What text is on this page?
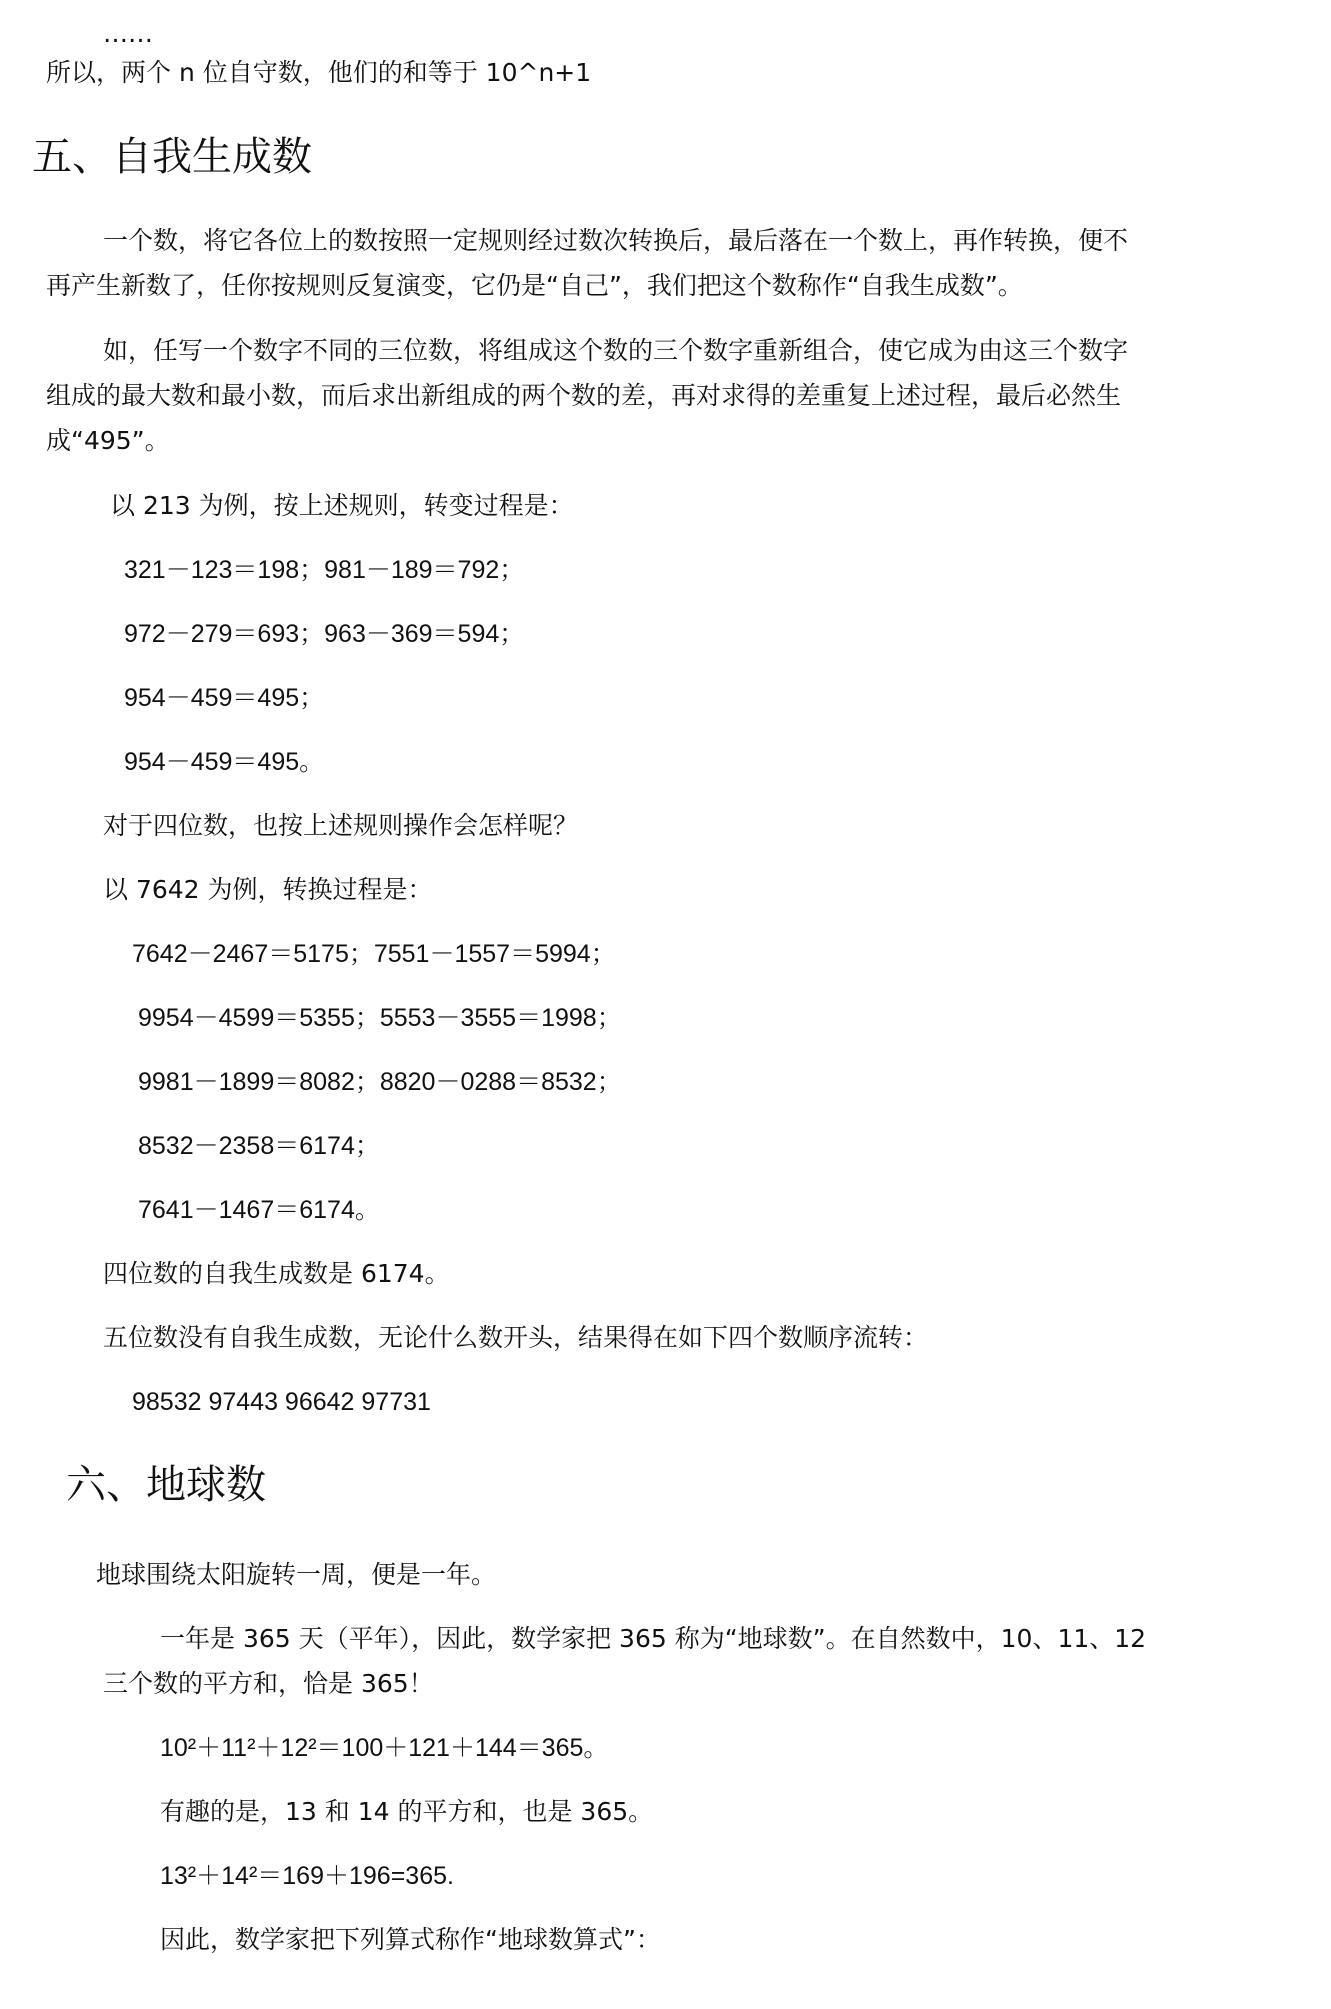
……

所以，两个 n 位自守数，他们的和等于 10^n+1

五、自我生成数

一个数，将它各位上的数按照一定规则经过数次转换后，最后落在一个数上，再作转换，便不

再产生新数了，任你按规则反复演变，它仍是“自己”，我们把这个数称作“自我生成数”。

如，任写一个数字不同的三位数，将组成这个数的三个数字重新组合，使它成为由这三个数字

组成的最大数和最小数，而后求出新组成的两个数的差，再对求得的差重复上述过程，最后必然生

成“495”。

以 213 为例，按上述规则，转变过程是：

321－123＝198；981－189＝792；

972－279＝693；963－369＝594；

954－459＝495；

954－459＝495。

对于四位数，也按上述规则操作会怎样呢？

以 7642 为例，转换过程是：

7642－2467＝5175；7551－1557＝5994；

9954－4599＝5355；5553－3555＝1998；

9981－1899＝8082；8820－0288＝8532；

8532－2358＝6174；

7641－1467＝6174。

四位数的自我生成数是 6174。

五位数没有自我生成数，无论什么数开头，结果得在如下四个数顺序流转：

98532 97443 96642 97731

六、地球数

地球围绕太阳旋转一周，便是一年。

一年是 365 天（平年），因此，数学家把 365 称为“地球数”。在自然数中，10、11、12

三个数的平方和，恰是 365！

10²＋11²＋12²＝100＋121＋144＝365。

有趣的是，13 和 14 的平方和，也是 365。

13²＋14²＝169＋196=365.

因此，数学家把下列算式称作“地球数算式”：
